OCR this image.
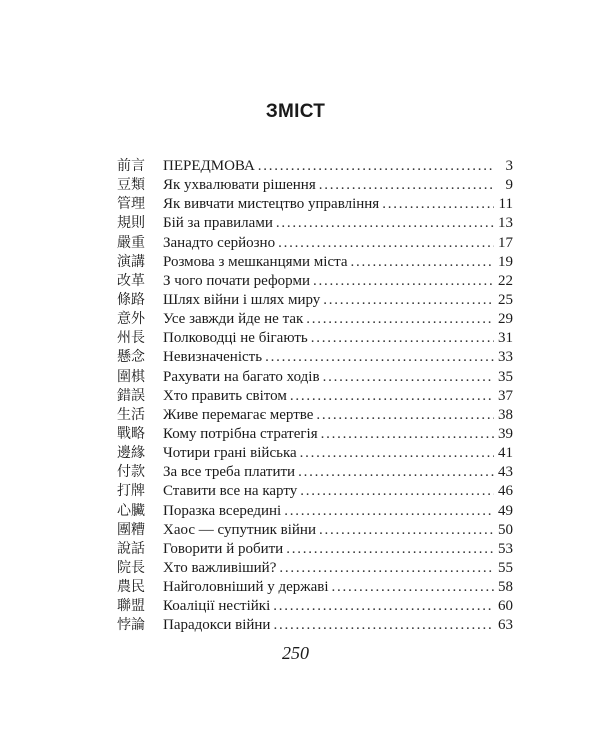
ЗМІСТ
前言	ПЕРЕДМОВА . . .	3
豆類	Як ухвалювати рішення . . .	9
管理	Як вивчати мистецтво управління . . .	11
規則	Бій за правилами . . .	13
嚴重	Занадто серйозно . . .	17
演講	Розмова з мешканцями міста . . .	19
改革	З чого почати реформи . . .	22
條路	Шлях війни і шлях миру . . .	25
意外	Усе завжди йде не так . . .	29
州長	Полководці не бігають . . .	31
懸念	Невизначеність . . .	33
圍棋	Рахувати на багато ходів . . .	35
錯誤	Хто править світом . . .	37
生活	Живе перемагає мертве . . .	38
戰略	Кому потрібна стратегія . . .	39
邊緣	Чотири грані війська . . .	41
付款	За все треба платити . . .	43
打牌	Ставити все на карту . . .	46
心臟	Поразка всередині . . .	49
團糟	Хаос — супутник війни . . .	50
說話	Говорити й робити . . .	53
院長	Хто важливіший? . . .	55
農民	Найголовніший у державі . . .	58
聯盟	Коаліції нестійкі . . .	60
悖論	Парадокси війни . . .	63
250
